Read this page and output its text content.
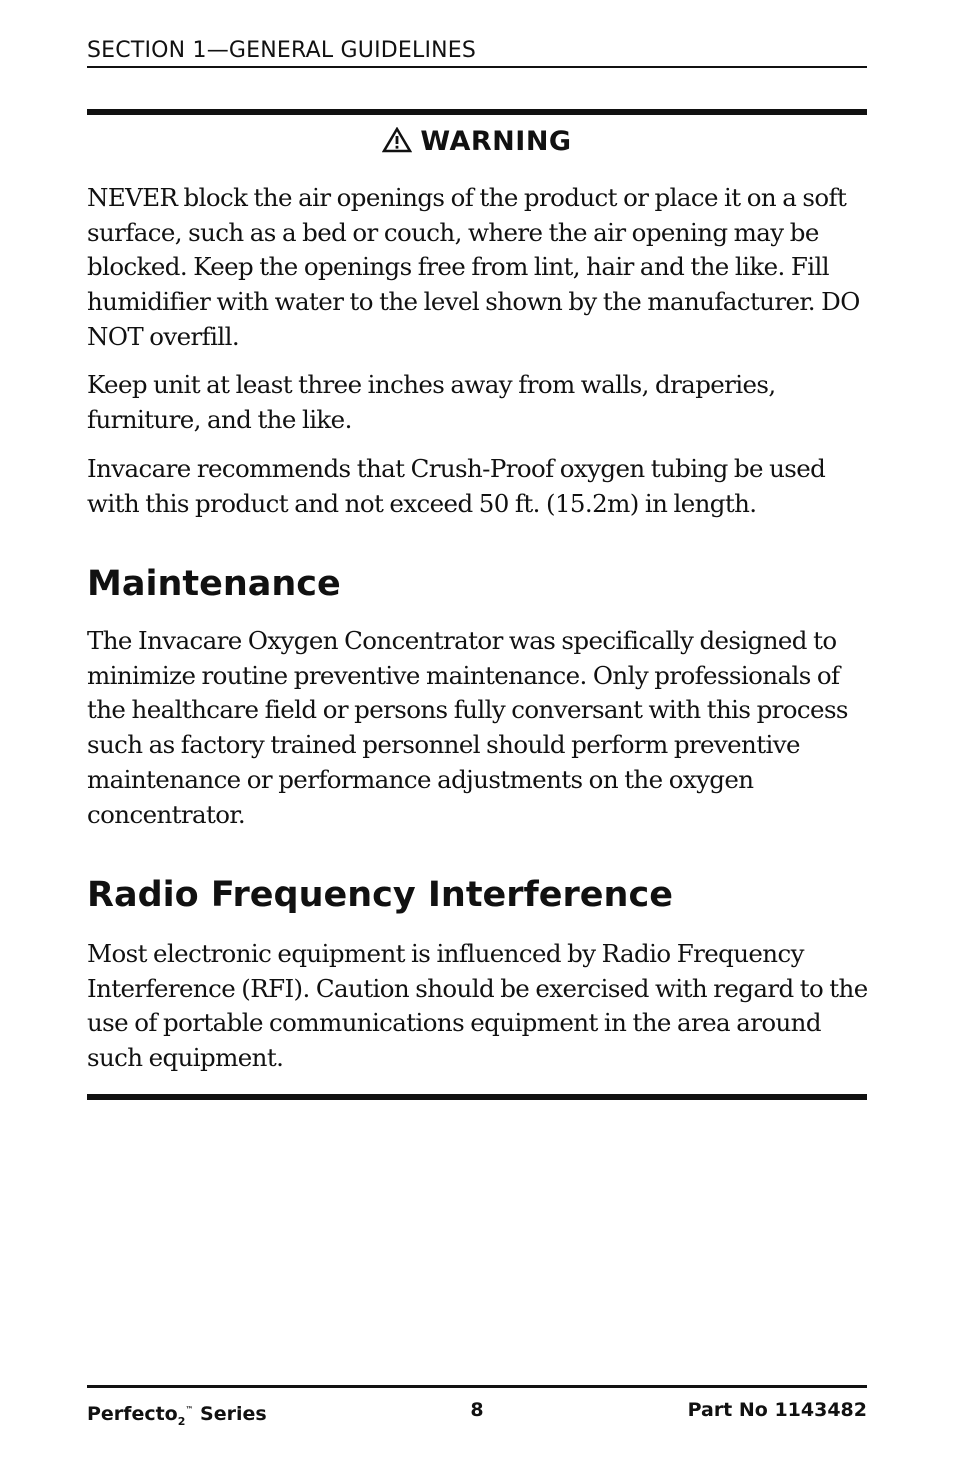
SECTION 1—GENERAL GUIDELINES
WARNING

NEVER block the air openings of the product or place it on a soft surface, such as a bed or couch, where the air opening may be blocked. Keep the openings free from lint, hair and the like. Fill humidifier with water to the level shown by the manufacturer. DO NOT overfill.

Keep unit at least three inches away from walls, draperies, furniture, and the like.

Invacare recommends that Crush-Proof oxygen tubing be used with this product and not exceed 50 ft. (15.2m) in length.

Maintenance

The Invacare Oxygen Concentrator was specifically designed to minimize routine preventive maintenance. Only professionals of the healthcare field or persons fully conversant with this process such as factory trained personnel should perform preventive maintenance or performance adjustments on the oxygen concentrator.

Radio Frequency Interference

Most electronic equipment is influenced by Radio Frequency Interference (RFI). Caution should be exercised with regard to the use of portable communications equipment in the area around such equipment.

Perfecto$_2$™ Series	8	Part No 1143482
